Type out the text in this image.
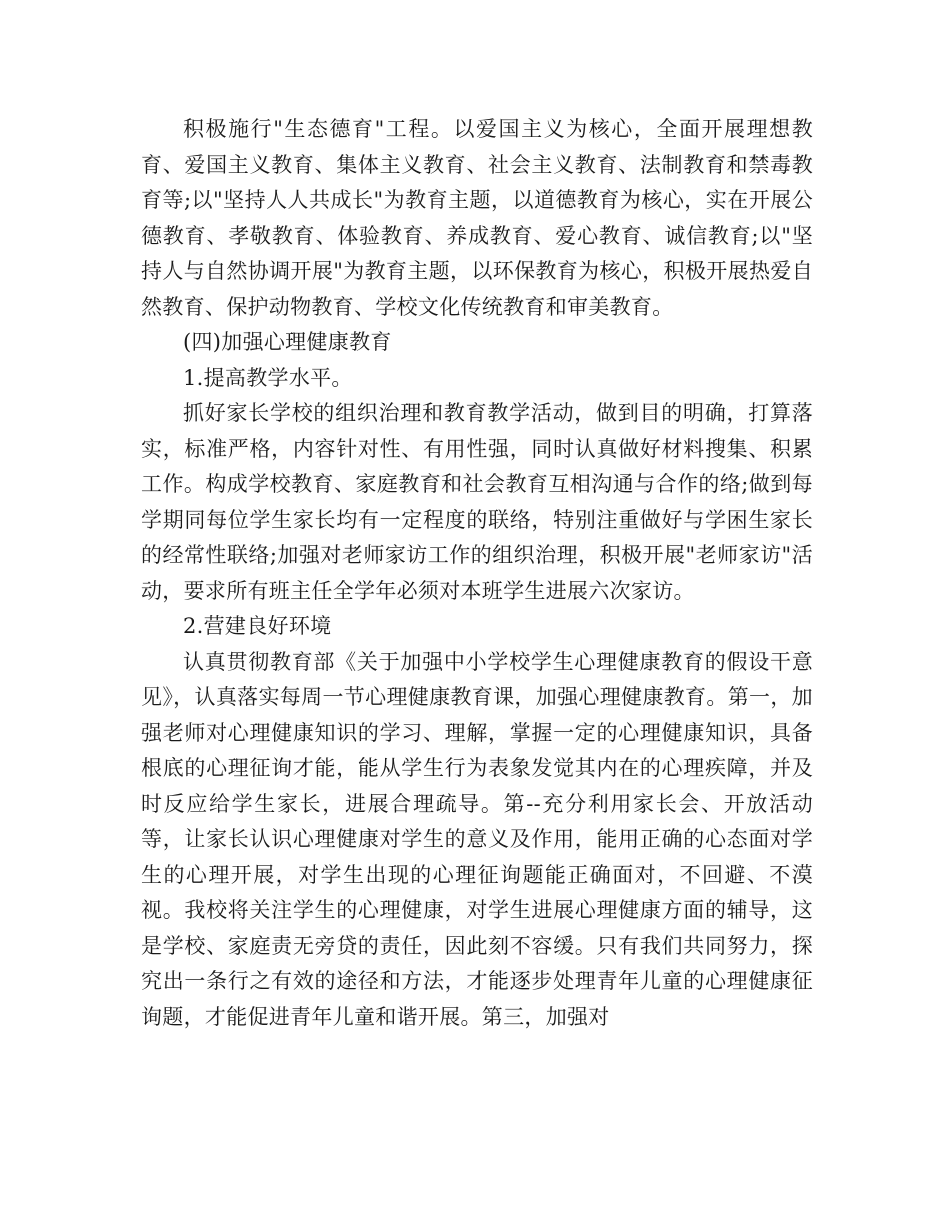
积极施行"生态德育"工程。以爱国主义为核心，全面开展理想教育、爱国主义教育、集体主义教育、社会主义教育、法制教育和禁毒教育等;以"坚持人人共成长"为教育主题，以道德教育为核心，实在开展公德教育、孝敬教育、体验教育、养成教育、爱心教育、诚信教育;以"坚持人与自然协调开展"为教育主题，以环保教育为核心，积极开展热爱自然教育、保护动物教育、学校文化传统教育和审美教育。

(四)加强心理健康教育

1.提高教学水平。

抓好家长学校的组织治理和教育教学活动，做到目的明确，打算落实，标准严格，内容针对性、有用性强，同时认真做好材料搜集、积累工作。构成学校教育、家庭教育和社会教育互相沟通与合作的络;做到每学期同每位学生家长均有一定程度的联络，特别注重做好与学困生家长的经常性联络;加强对老师家访工作的组织治理，积极开展"老师家访"活动，要求所有班主任全学年必须对本班学生进展六次家访。

2.营建良好环境

认真贯彻教育部《关于加强中小学校学生心理健康教育的假设干意见》，认真落实每周一节心理健康教育课，加强心理健康教育。第一，加强老师对心理健康知识的学习、理解，掌握一定的心理健康知识，具备根底的心理征询才能，能从学生行为表象发觉其内在的心理疾障，并及时反应给学生家长，进展合理疏导。第--充分利用家长会、开放活动等，让家长认识心理健康对学生的意义及作用，能用正确的心态面对学生的心理开展，对学生出现的心理征询题能正确面对，不回避、不漠视。我校将关注学生的心理健康，对学生进展心理健康方面的辅导，这是学校、家庭责无旁贷的责任，因此刻不容缓。只有我们共同努力，探究出一条行之有效的途径和方法，才能逐步处理青年儿童的心理健康征询题，才能促进青年儿童和谐开展。第三，加强对
